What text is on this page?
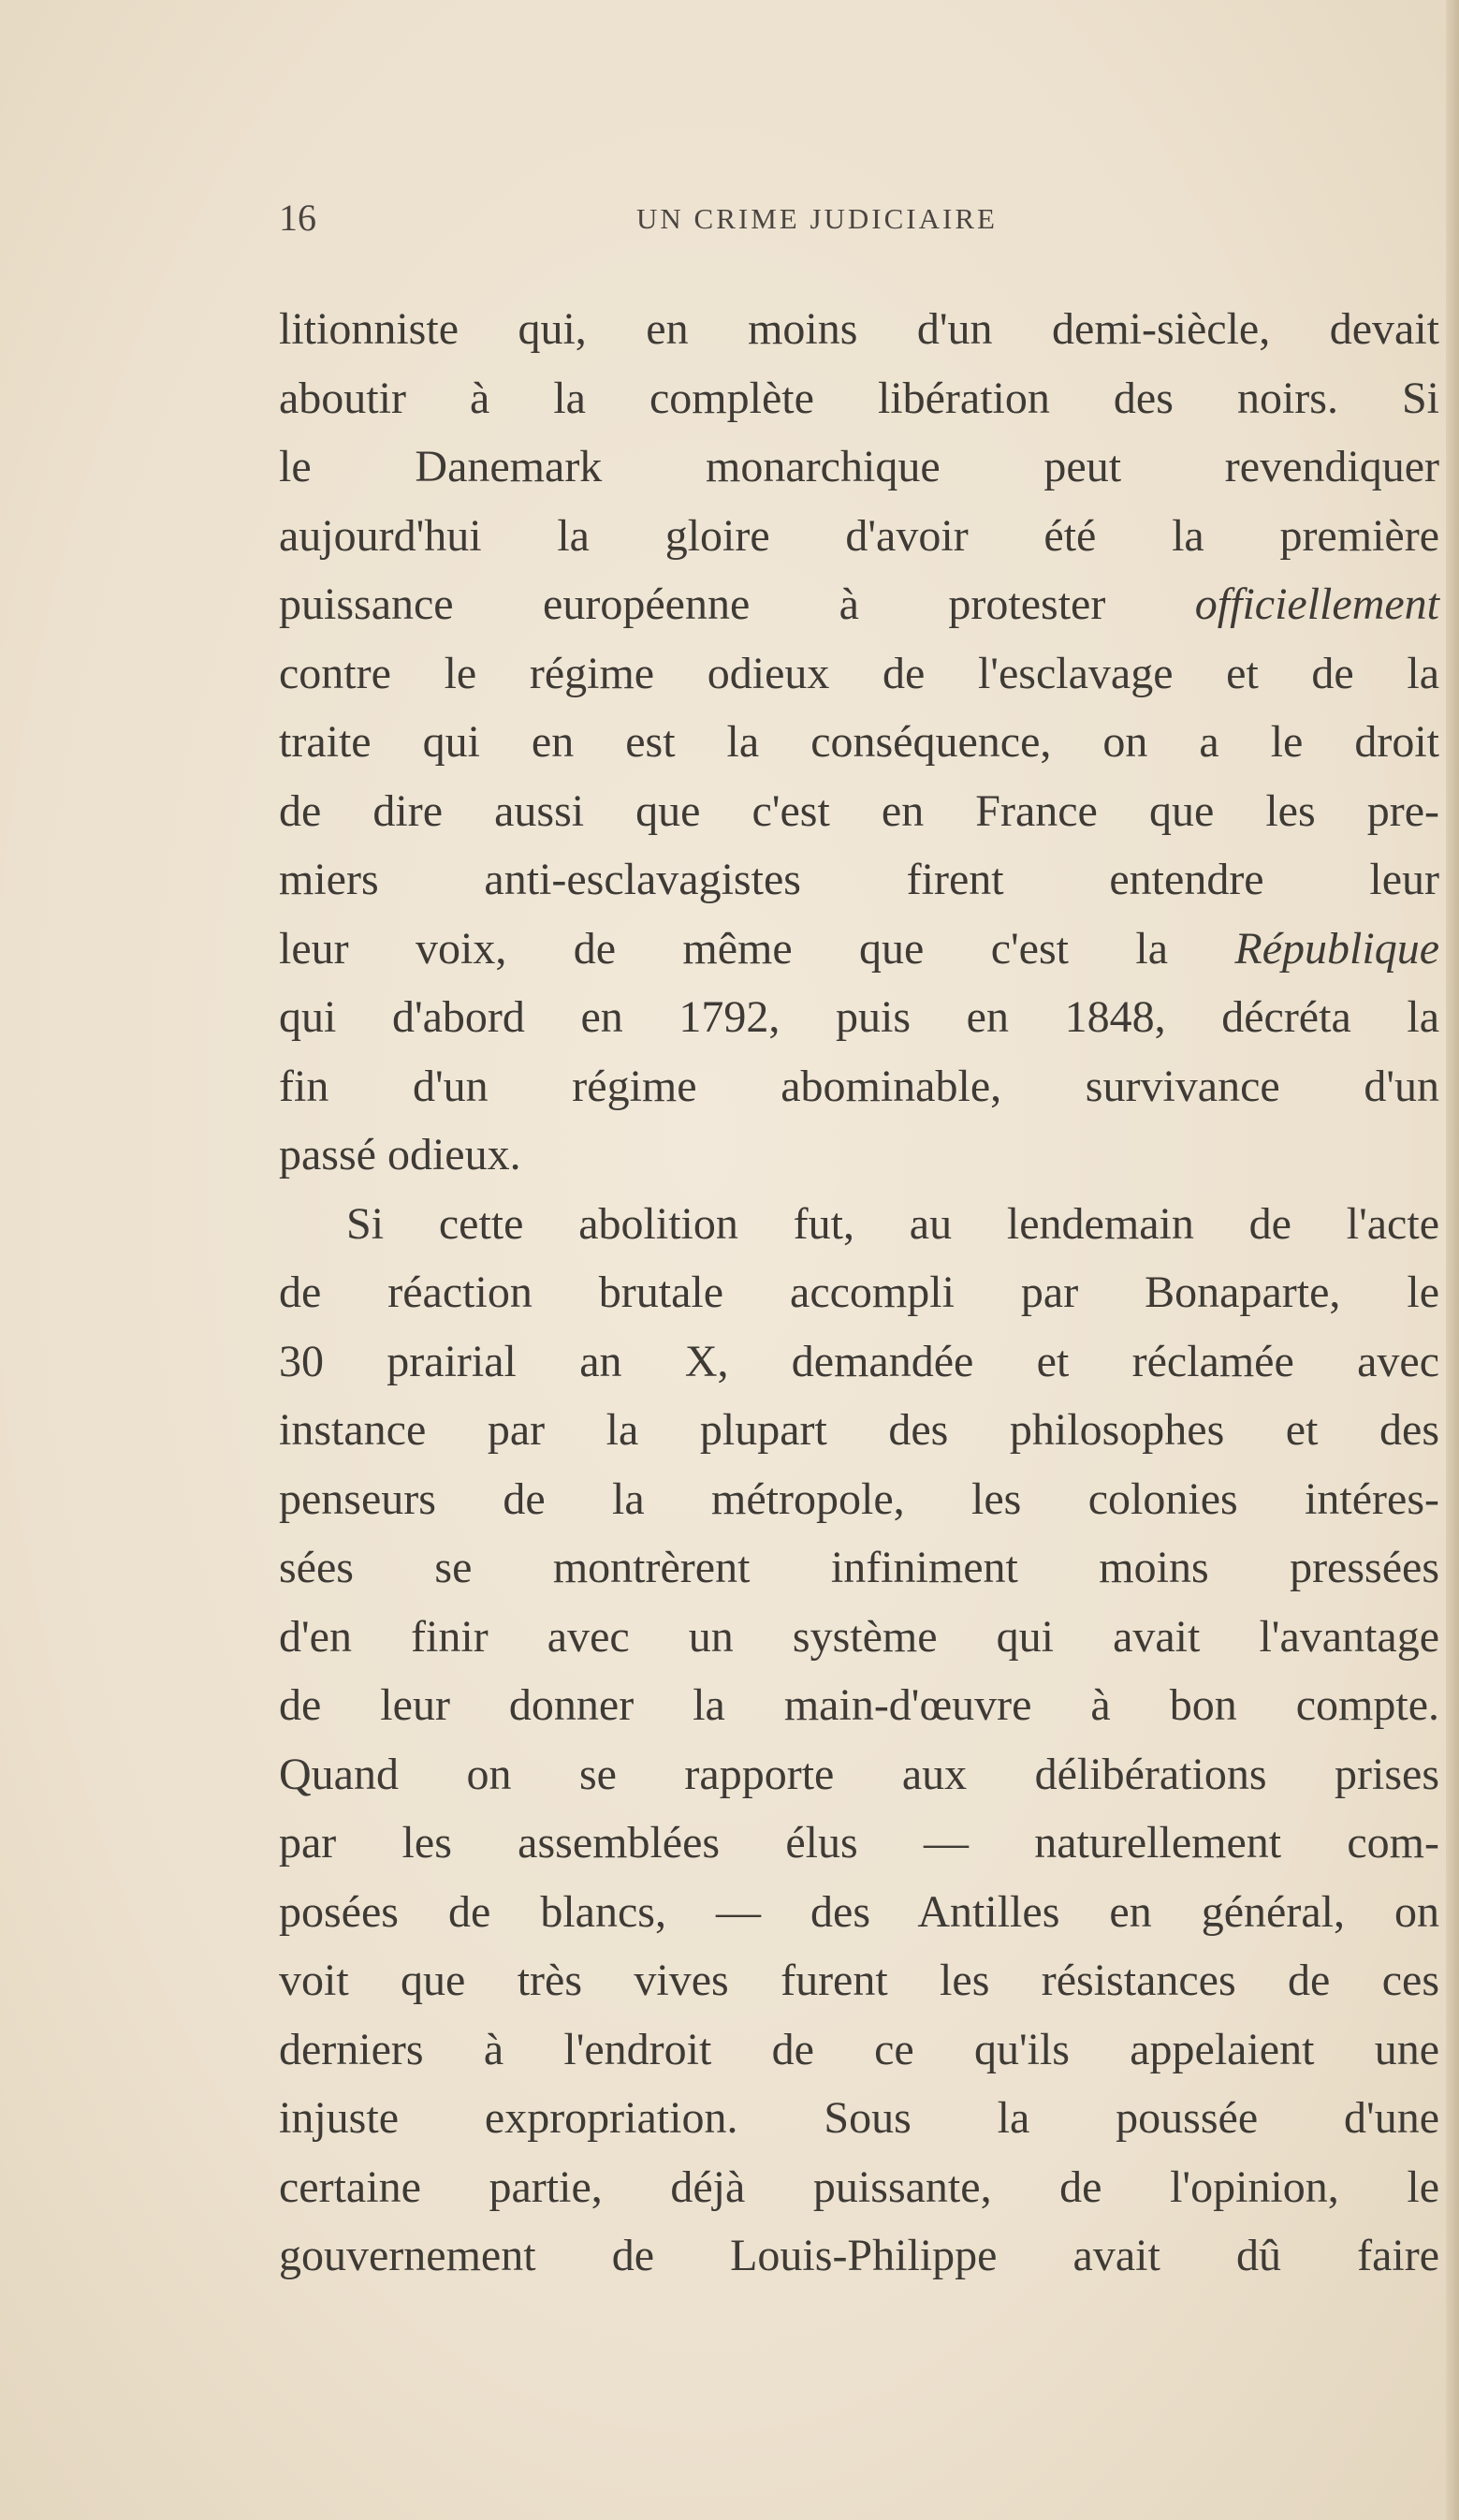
16	UN CRIME JUDICIAIRE
litionniste qui, en moins d'un demi-siècle, devait
aboutir à la complète libération des noirs. Si
le Danemark monarchique peut revendiquer
aujourd'hui la gloire d'avoir été la première
puissance européenne à protester officiellement
contre le régime odieux de l'esclavage et de la
traite qui en est la conséquence, on a le droit
de dire aussi que c'est en France que les pre-
miers anti-esclavagistes firent entendre leur
leur voix, de même que c'est la République
qui d'abord en 1792, puis en 1848, décréta la
fin d'un régime abominable, survivance d'un
passé odieux.
Si cette abolition fut, au lendemain de l'acte
de réaction brutale accompli par Bonaparte, le
30 prairial an X, demandée et réclamée avec
instance par la plupart des philosophes et des
penseurs de la métropole, les colonies intéres-
sées se montrèrent infiniment moins pressées
d'en finir avec un système qui avait l'avantage
de leur donner la main-d'œuvre à bon compte.
Quand on se rapporte aux délibérations prises
par les assemblées élus — naturellement com-
posées de blancs, — des Antilles en général, on
voit que très vives furent les résistances de ces
derniers à l'endroit de ce qu'ils appelaient une
injuste expropriation. Sous la poussée d'une
certaine partie, déjà puissante, de l'opinion, le
gouvernement de Louis-Philippe avait dû faire
